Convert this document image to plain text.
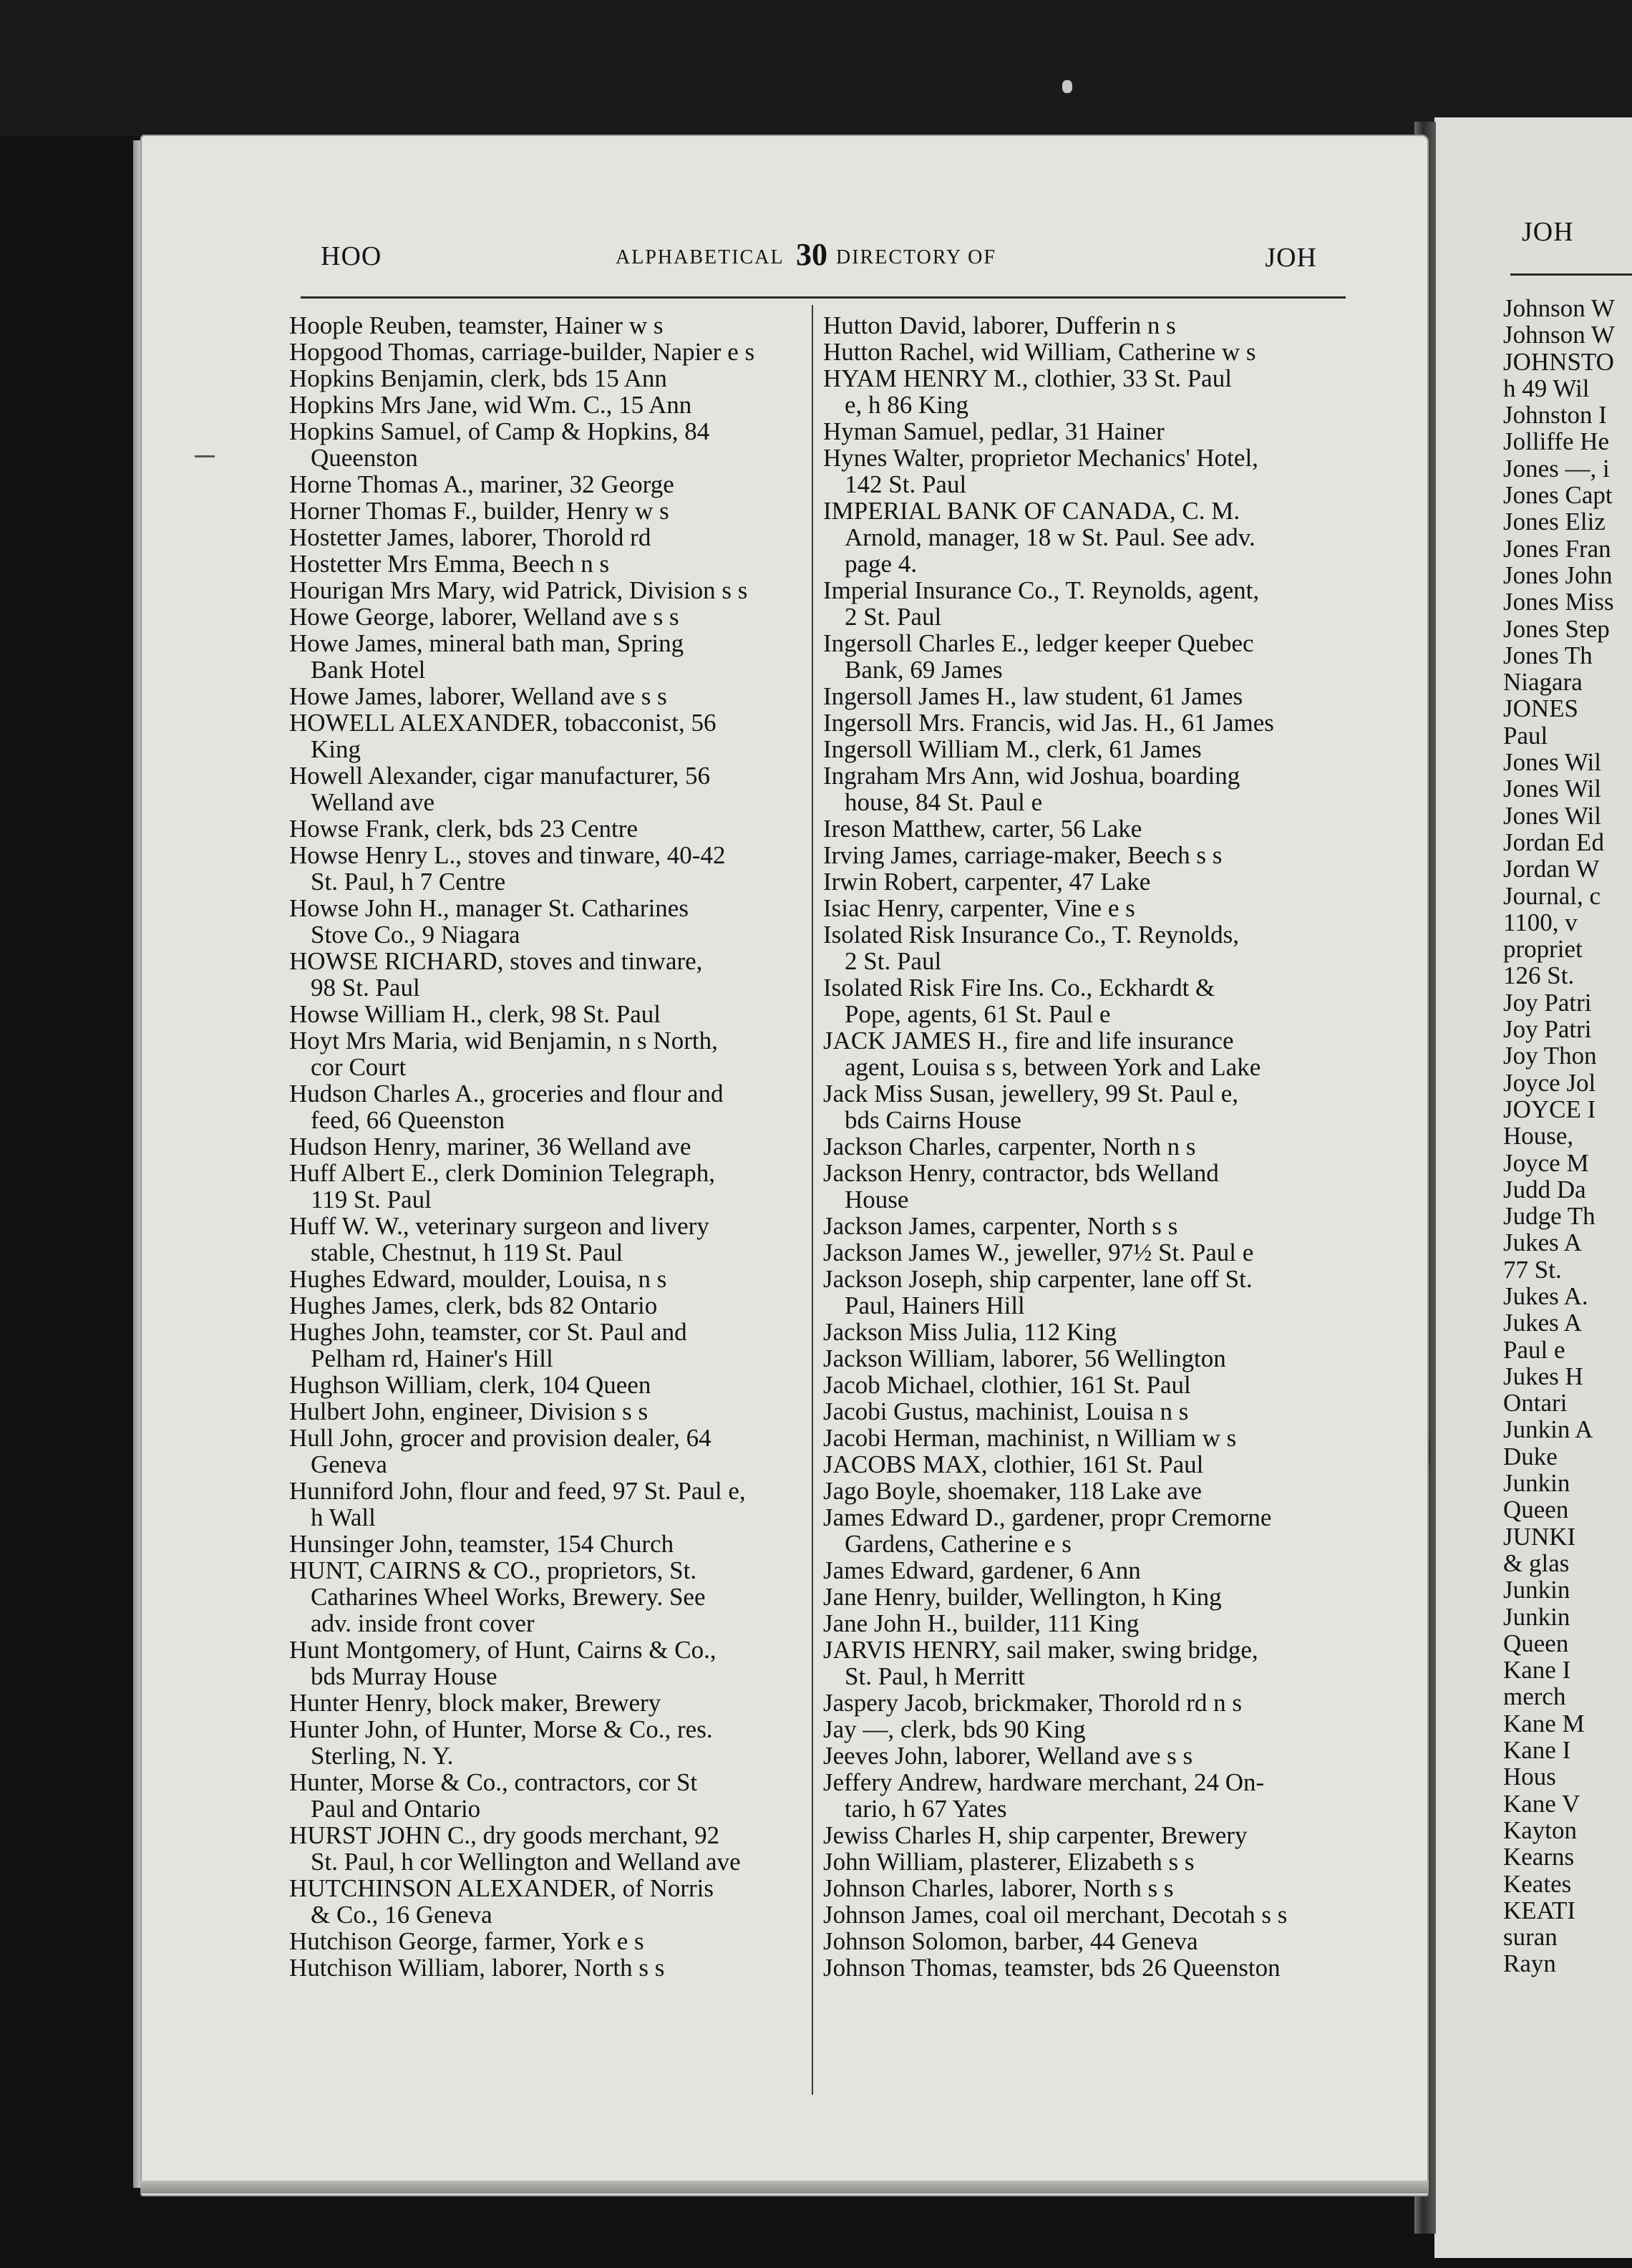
HOO	ALPHABETICAL 30 DIRECTORY OF	JOH
Hoople Reuben, teamster, Hainer w s
Hopgood Thomas, carriage-builder, Napier e s
Hopkins Benjamin, clerk, bds 15 Ann
Hopkins Mrs Jane, wid Wm. C., 15 Ann
Hopkins Samuel, of Camp & Hopkins, 84
Queenston
Horne Thomas A., mariner, 32 George
Horner Thomas F., builder, Henry w s
Hostetter James, laborer, Thorold rd
Hostetter Mrs Emma, Beech n s
Hourigan Mrs Mary, wid Patrick, Division s s
Howe George, laborer, Welland ave s s
Howe James, mineral bath man, Spring
Bank Hotel
Howe James, laborer, Welland ave s s
HOWELL ALEXANDER, tobacconist, 56
King
Howell Alexander, cigar manufacturer, 56
Welland ave
Howse Frank, clerk, bds 23 Centre
Howse Henry L., stoves and tinware, 40-42
St. Paul, h 7 Centre
Howse John H., manager St. Catharines
Stove Co., 9 Niagara
HOWSE RICHARD, stoves and tinware,
98 St. Paul
Howse William H., clerk, 98 St. Paul
Hoyt Mrs Maria, wid Benjamin, n s North,
cor Court
Hudson Charles A., groceries and flour and
feed, 66 Queenston
Hudson Henry, mariner, 36 Welland ave
Huff Albert E., clerk Dominion Telegraph,
119 St. Paul
Huff W. W., veterinary surgeon and livery
stable, Chestnut, h 119 St. Paul
Hughes Edward, moulder, Louisa, n s
Hughes James, clerk, bds 82 Ontario
Hughes John, teamster, cor St. Paul and
Pelham rd, Hainer's Hill
Hughson William, clerk, 104 Queen
Hulbert John, engineer, Division s s
Hull John, grocer and provision dealer, 64
Geneva
Hunniford John, flour and feed, 97 St. Paul e,
h Wall
Hunsinger John, teamster, 154 Church
HUNT, CAIRNS & CO., proprietors, St.
Catharines Wheel Works, Brewery. See
adv. inside front cover
Hunt Montgomery, of Hunt, Cairns & Co.,
bds Murray House
Hunter Henry, block maker, Brewery
Hunter John, of Hunter, Morse & Co., res.
Sterling, N. Y.
Hunter, Morse & Co., contractors, cor St
Paul and Ontario
HURST JOHN C., dry goods merchant, 92
St. Paul, h cor Wellington and Welland ave
HUTCHINSON ALEXANDER, of Norris
& Co., 16 Geneva
Hutchison George, farmer, York e s
Hutchison William, laborer, North s s
Hutton David, laborer, Dufferin n s
Hutton Rachel, wid William, Catherine w s
HYAM HENRY M., clothier, 33 St. Paul
e, h 86 King
Hyman Samuel, pedlar, 31 Hainer
Hynes Walter, proprietor Mechanics' Hotel,
142 St. Paul
IMPERIAL BANK OF CANADA, C. M.
Arnold, manager, 18 w St. Paul. See adv.
page 4.
Imperial Insurance Co., T. Reynolds, agent,
2 St. Paul
Ingersoll Charles E., ledger keeper Quebec
Bank, 69 James
Ingersoll James H., law student, 61 James
Ingersoll Mrs. Francis, wid Jas. H., 61 James
Ingersoll William M., clerk, 61 James
Ingraham Mrs Ann, wid Joshua, boarding
house, 84 St. Paul e
Ireson Matthew, carter, 56 Lake
Irving James, carriage-maker, Beech s s
Irwin Robert, carpenter, 47 Lake
Isiac Henry, carpenter, Vine e s
Isolated Risk Insurance Co., T. Reynolds,
2 St. Paul
Isolated Risk Fire Ins. Co., Eckhardt &
Pope, agents, 61 St. Paul e
JACK JAMES H., fire and life insurance
agent, Louisa s s, between York and Lake
Jack Miss Susan, jewellery, 99 St. Paul e,
bds Cairns House
Jackson Charles, carpenter, North n s
Jackson Henry, contractor, bds Welland
House
Jackson James, carpenter, North s s
Jackson James W., jeweller, 97½ St. Paul e
Jackson Joseph, ship carpenter, lane off St.
Paul, Hainers Hill
Jackson Miss Julia, 112 King
Jackson William, laborer, 56 Wellington
Jacob Michael, clothier, 161 St. Paul
Jacobi Gustus, machinist, Louisa n s
Jacobi Herman, machinist, n William w s
JACOBS MAX, clothier, 161 St. Paul
Jago Boyle, shoemaker, 118 Lake ave
James Edward D., gardener, propr Cremorne
Gardens, Catherine e s
James Edward, gardener, 6 Ann
Jane Henry, builder, Wellington, h King
Jane John H., builder, 111 King
JARVIS HENRY, sail maker, swing bridge,
St. Paul, h Merritt
Jaspery Jacob, brickmaker, Thorold rd n s
Jay —, clerk, bds 90 King
Jeeves John, laborer, Welland ave s s
Jeffery Andrew, hardware merchant, 24 On-
tario, h 67 Yates
Jewiss Charles H, ship carpenter, Brewery
John William, plasterer, Elizabeth s s
Johnson Charles, laborer, North s s
Johnson James, coal oil merchant, Decotah s s
Johnson Solomon, barber, 44 Geneva
Johnson Thomas, teamster, bds 26 Queenston
JOH
Johnson W
Johnson W
JOHNSTO
h 49 Wil
Johnston I
Jolliffe He
Jones —, i
Jones Capt
Jones Eliz
Jones Fran
Jones John
Jones Miss
Jones Step
Jones Th
Niagara
JONES
Paul
Jones Wil
Jones Wil
Jones Wil
Jordan Ed
Jordan W
Journal, c
1100, v
propriet
126 St.
Joy Patri
Joy Patri
Joy Thon
Joyce Jol
JOYCE I
House,
Joyce M
Judd Da
Judge Th
Jukes A
77 St.
Jukes A.
Jukes A
Paul e
Jukes H
Ontari
Junkin A
Duke
Junkin
Queen
JUNKI
& glas
Junkin
Junkin
Queen
Kane I
merch
Kane M
Kane I
Hous
Kane V
Kayton
Kearns
Keates
KEATI
suran
Rayn
